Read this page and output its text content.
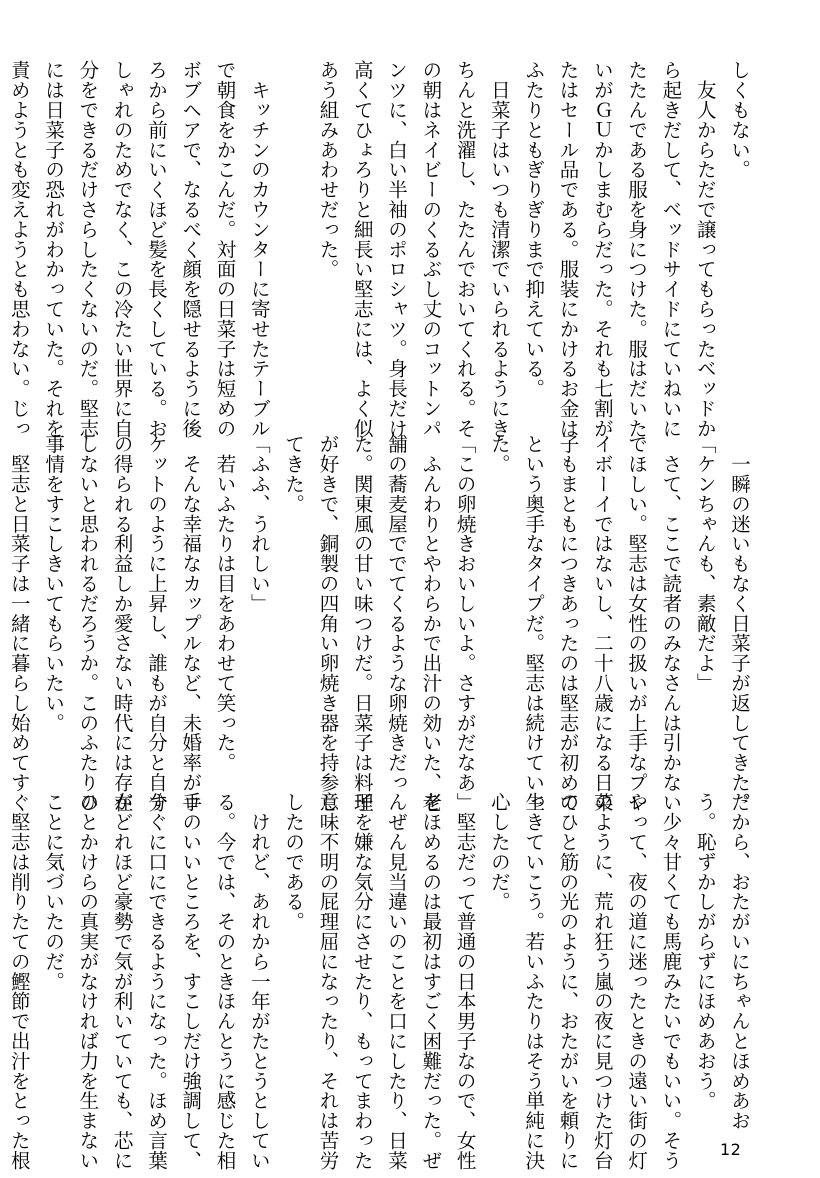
しくもない。

　友人からただで譲ってもらったベッドか

ら起きだして、ベッドサイドにていねいに

たたんである服を身につけた。服はだいた

いがＧＵかしまむらだった。それも七割が

たはセール品である。服装にかけるお金は

ふたりともぎりぎりまで抑えている。

　日菜子はいつも清潔でいられるようにき

ちんと洗濯し、たたんでおいてくれる。そ

の朝はネイビーのくるぶし丈のコットンパ

ンツに、白い半袖のポロシャツ。身長だけ

高くてひょろりと細長い堅志には、よく似

あう組みあわせだった。

　キッチンのカウンターに寄せたテーブル

で朝食をかこんだ。対面の日菜子は短めの

ボブヘアで、なるべく顔を隠せるように後

ろから前にいくほど髪を長くしている。お

しゃれのためでなく、この冷たい世界に自

分をできるだけさらしたくないのだ。堅志

には日菜子の恐れがわかっていた。それを

責めようとも変えようとも思わない。じっ

　一瞬の迷いもなく日菜子が返してきた。

「ケンちゃんも、素敵だよ」

　さて、ここで読者のみなさんは引かない

でほしい。堅志は女性の扱いが上手なプレ

イボーイではないし、二十八歳になる日菜

子もまともにつきあったのは堅志が初めて

という奥手なタイプだ。堅志は続けていっ

た。

「この卵焼きおいしいよ。さすがだなあ」

　ふんわりとやわらかで出汁の効いた、老

舗の蕎麦屋ででてくるような卵焼きだっ

た。関東風の甘い味つけだ。日菜子は料理

が好きで、銅製の四角い卵焼き器を持参し

てきた。

「ふふ、うれしい」

　若いふたりは目をあわせて笑った。

　そんな幸福なカップルなど、未婚率がロ

ケットのように上昇し、誰もが自分と自分

の得られる利益しか愛さない時代には存在

しないと思われるだろうか。このふたりの

事情をすこしきいてもらいたい。

　堅志と日菜子は一緒に暮らし始めてすぐ

だから、おたがいにちゃんとほめあお

う。恥ずかしがらずにほめあおう。

　少々甘くても馬鹿みたいでもいい。そう

やって、夜の道に迷ったときの遠い街の灯

のように、荒れ狂う嵐の夜に見つけた灯台

のひと筋の光のように、おたがいを頼りに

生きていこう。若いふたりはそう単純に決

心したのだ。

　堅志だって普通の日本男子なので、女性

をほめるのは最初はすごく困難だった。ぜ

んぜん見当違いのことを口にしたり、日菜

子を嫌な気分にさせたり、もってまわった

意味不明の屁理屈になったり、それは苦労

したのである。

　けれど、あれから一年がたとうとしてい

る。今では、そのときほんとうに感じた相

手のいいところを、すこしだけ強調して、

すぐに口にできるようになった。ほめ言葉

がどれほど豪勢で気が利いていても、芯に

ひとかけらの真実がなければ力を生まない

ことに気づいたのだ。

　堅志は削りたての鰹節で出汁をとった根	12
